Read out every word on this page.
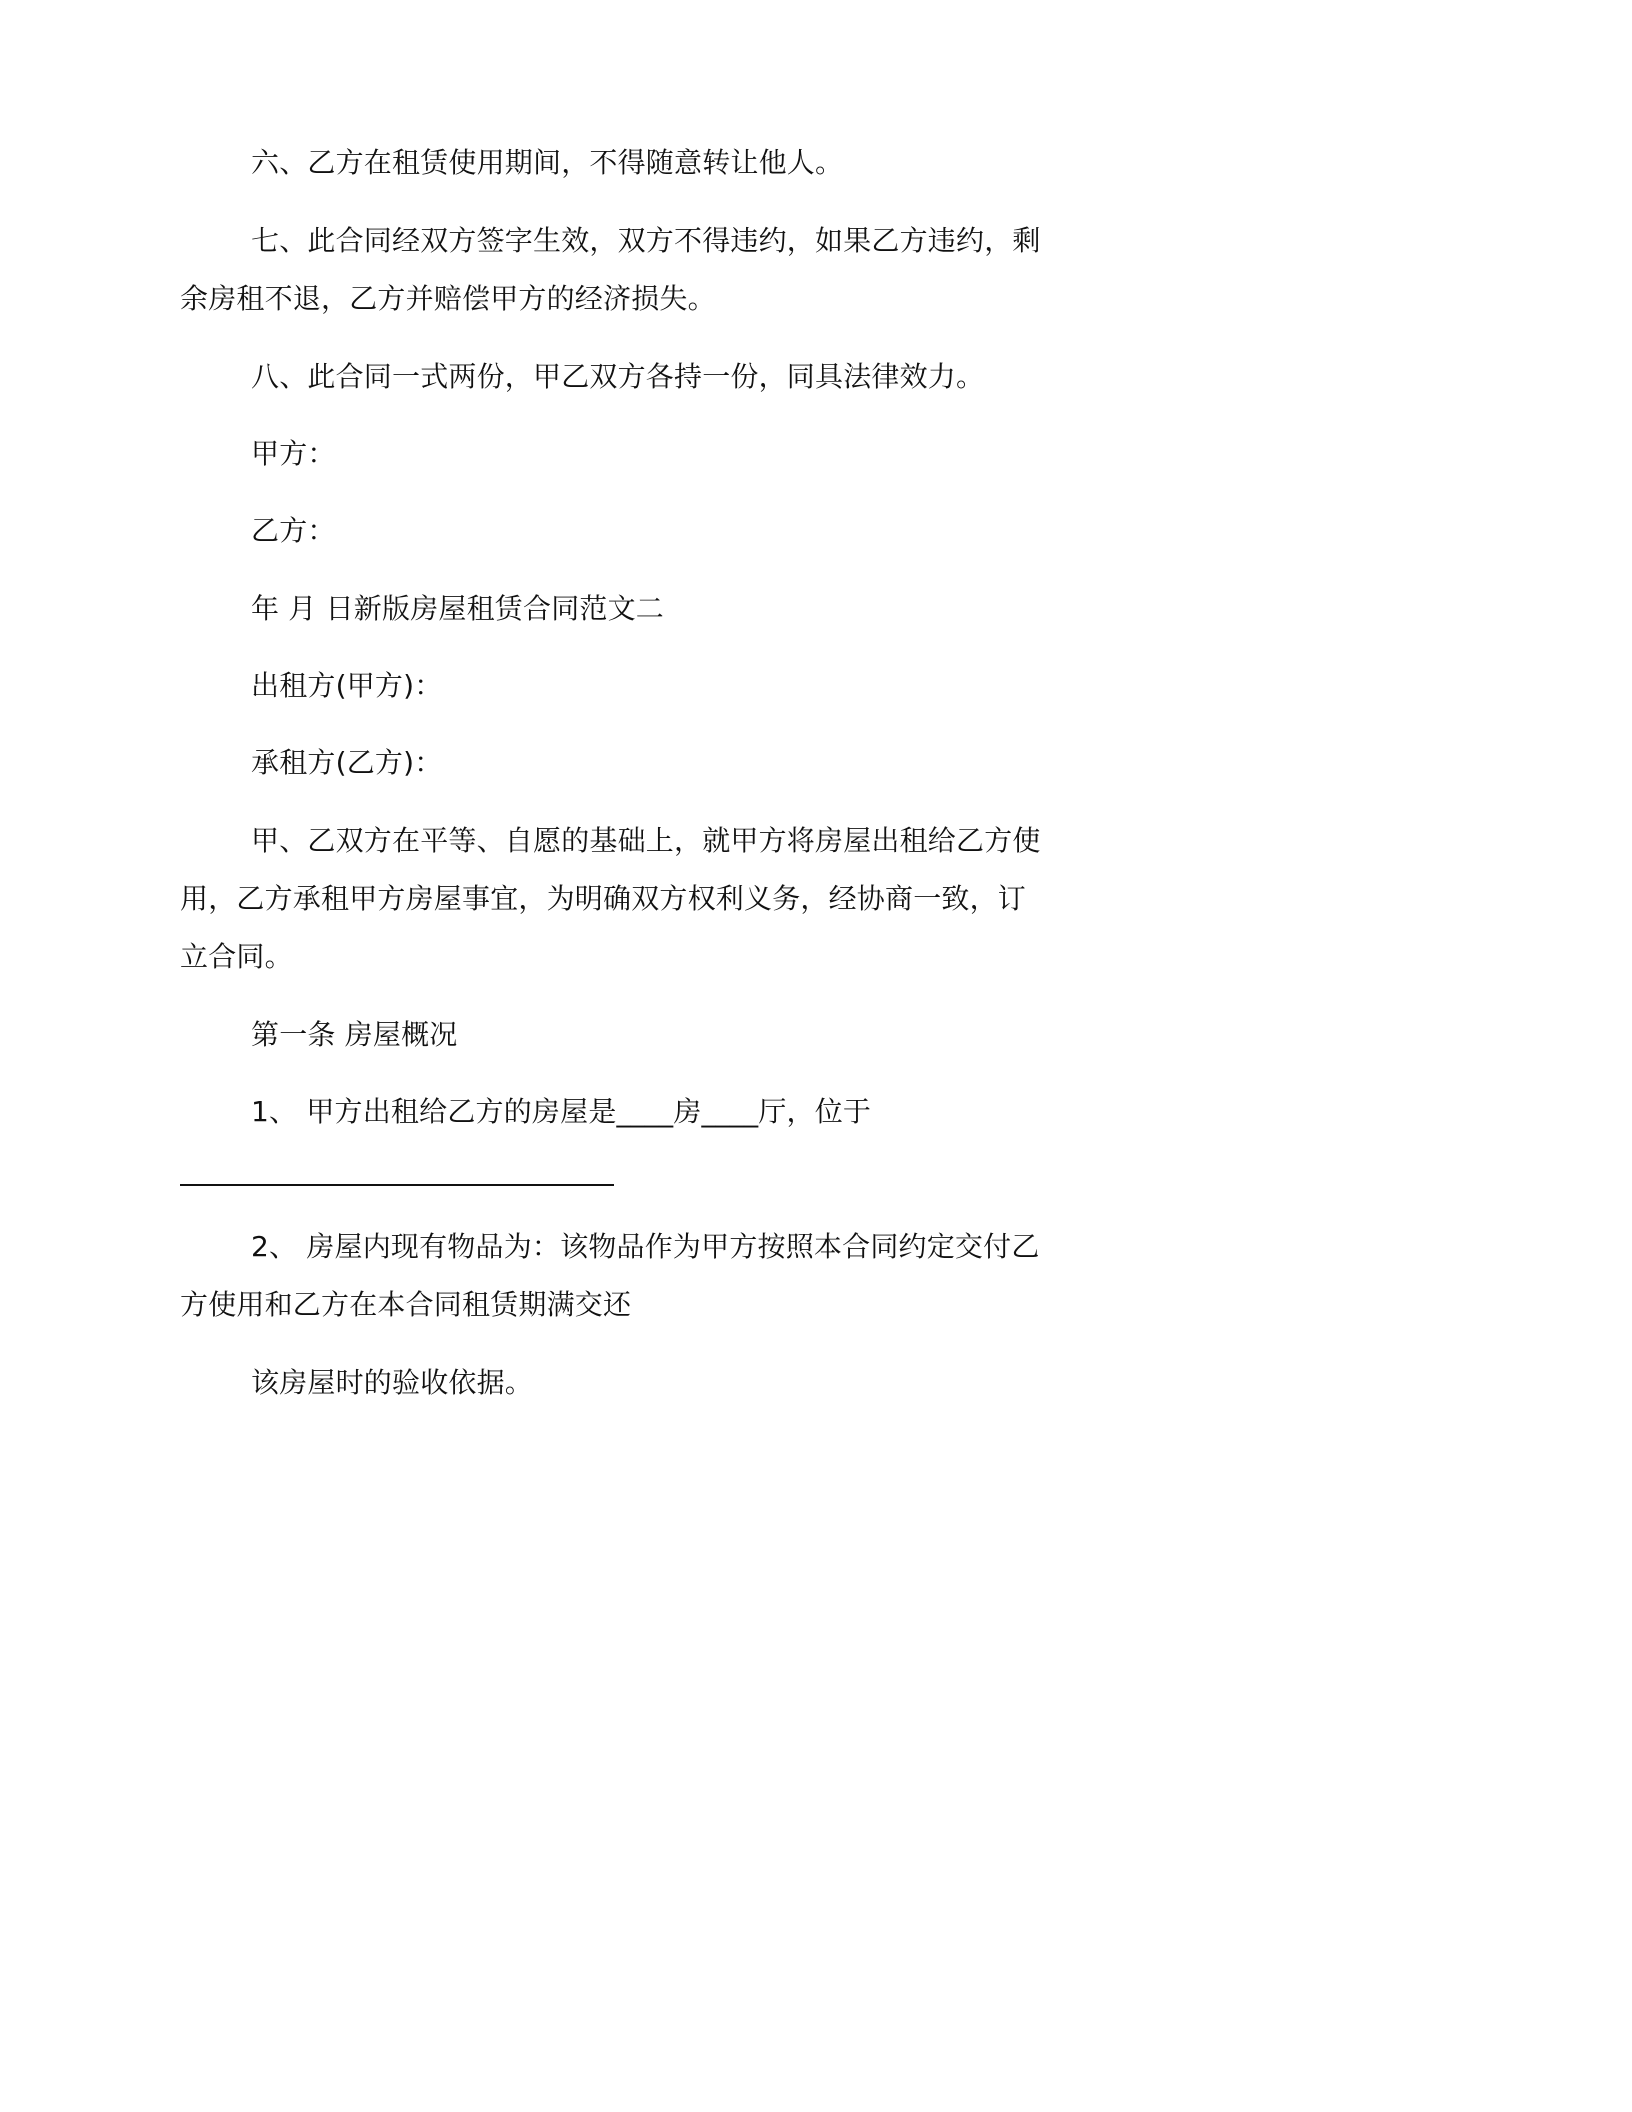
六、乙方在租赁使用期间，不得随意转让他人。

七、此合同经双方签字生效，双方不得违约，如果乙方违约，剩

余房租不退，乙方并赔偿甲方的经济损失。

八、此合同一式两份，甲乙双方各持一份，同具法律效力。

甲方：

乙方：

年 月 日新版房屋租赁合同范文二

出租方(甲方)：

承租方(乙方)：

甲、乙双方在平等、自愿的基础上，就甲方将房屋出租给乙方使

用，乙方承租甲方房屋事宜，为明确双方权利义务，经协商一致，订

立合同。

第一条 房屋概况

1、 甲方出租给乙方的房屋是____房____厅，位于

2、 房屋内现有物品为：该物品作为甲方按照本合同约定交付乙

方使用和乙方在本合同租赁期满交还

该房屋时的验收依据。
